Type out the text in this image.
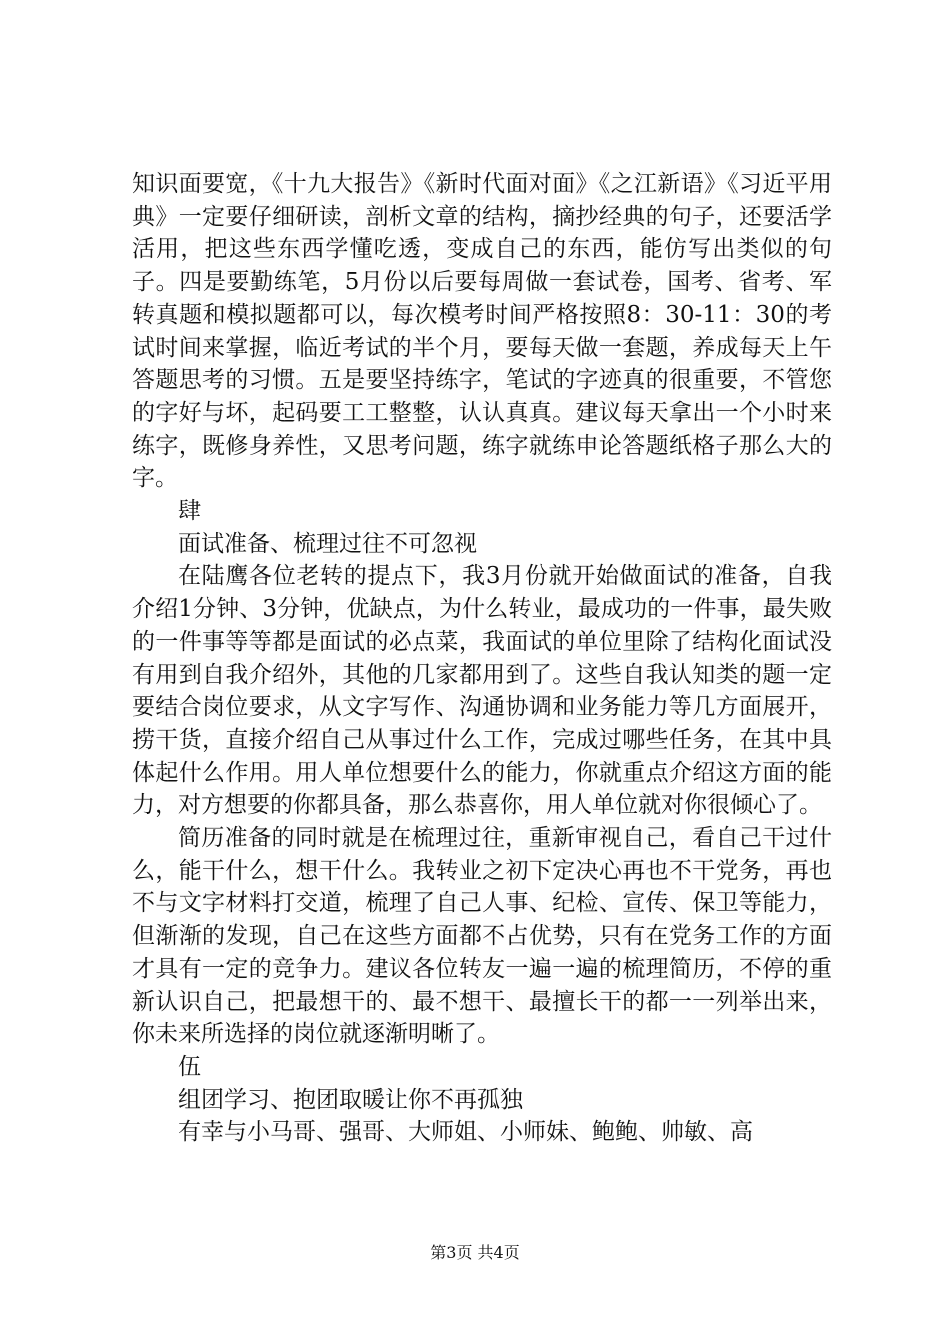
知识面要宽，《十九大报告》《新时代面对面》《之江新语》《习近平用典》一定要仔细研读，剖析文章的结构，摘抄经典的句子，还要活学活用，把这些东西学懂吃透，变成自己的东西，能仿写出类似的句子。四是要勤练笔，5月份以后要每周做一套试卷，国考、省考、军转真题和模拟题都可以，每次模考时间严格按照8：30-11：30的考试时间来掌握，临近考试的半个月，要每天做一套题，养成每天上午答题思考的习惯。五是要坚持练字，笔试的字迹真的很重要，不管您的字好与坏，起码要工工整整，认认真真。建议每天拿出一个小时来练字，既修身养性，又思考问题，练字就练申论答题纸格子那么大的字。

肆

面试准备、梳理过往不可忽视

在陆鹰各位老转的提点下，我3月份就开始做面试的准备，自我介绍1分钟、3分钟，优缺点，为什么转业，最成功的一件事，最失败的一件事等等都是面试的必点菜，我面试的单位里除了结构化面试没有用到自我介绍外，其他的几家都用到了。这些自我认知类的题一定要结合岗位要求，从文字写作、沟通协调和业务能力等几方面展开，捞干货，直接介绍自己从事过什么工作，完成过哪些任务，在其中具体起什么作用。用人单位想要什么的能力，你就重点介绍这方面的能力，对方想要的你都具备，那么恭喜你，用人单位就对你很倾心了。

简历准备的同时就是在梳理过往，重新审视自己，看自己干过什么，能干什么，想干什么。我转业之初下定决心再也不干党务，再也不与文字材料打交道，梳理了自己人事、纪检、宣传、保卫等能力，但渐渐的发现，自己在这些方面都不占优势，只有在党务工作的方面才具有一定的竞争力。建议各位转友一遍一遍的梳理简历，不停的重新认识自己，把最想干的、最不想干、最擅长干的都一一列举出来，你未来所选择的岗位就逐渐明晰了。

伍

组团学习、抱团取暖让你不再孤独

有幸与小马哥、强哥、大师姐、小师妹、鲍鲍、帅敏、高

第3页 共4页
